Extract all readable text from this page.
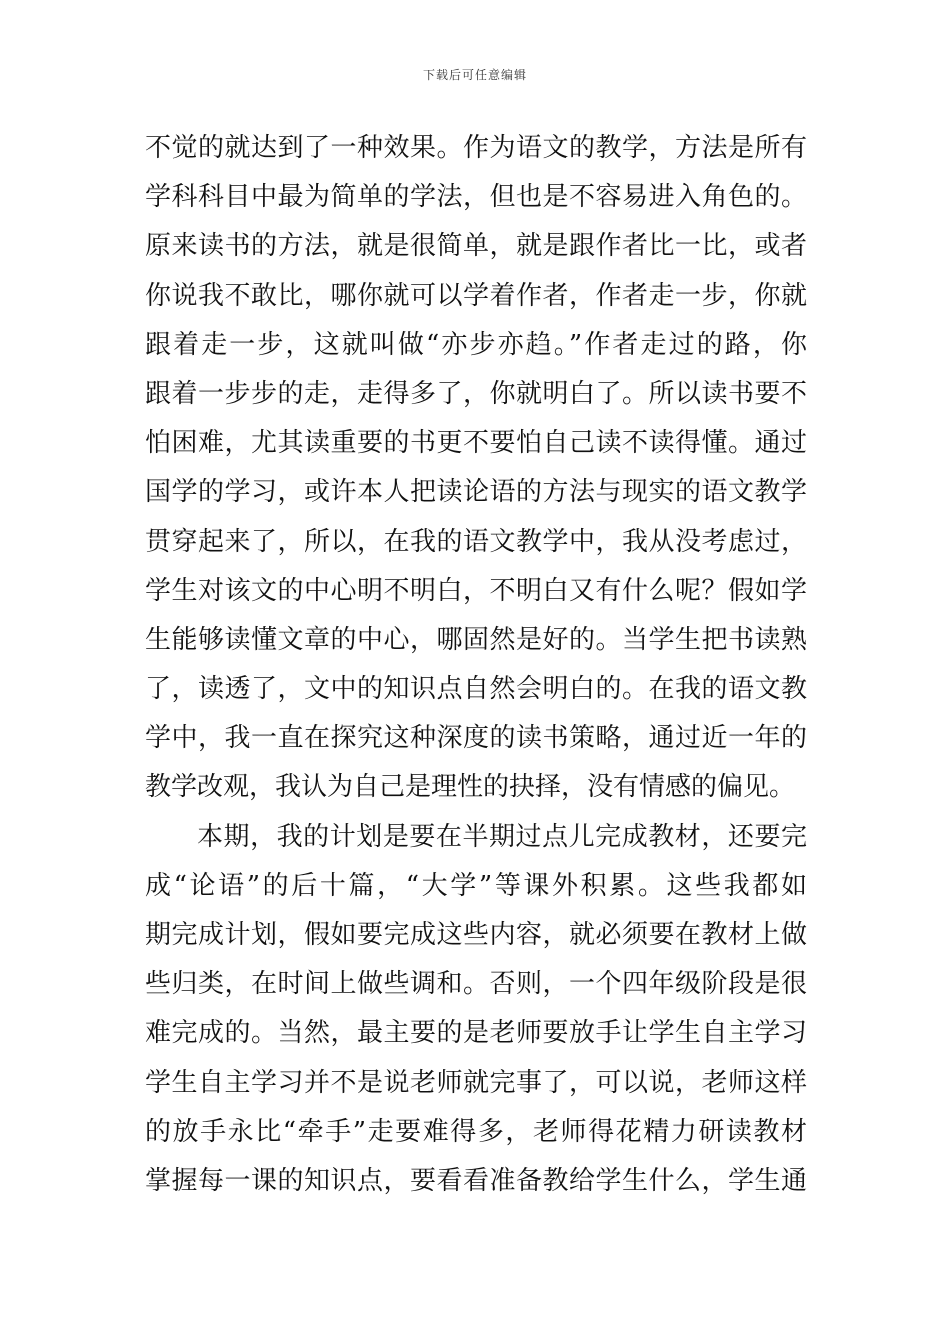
下载后可任意编辑
不觉的就达到了一种效果。作为语文的教学，方法是所有
学科科目中最为简单的学法，但也是不容易进入角色的。
原来读书的方法，就是很简单，就是跟作者比一比，或者
你说我不敢比，哪你就可以学着作者，作者走一步，你就
跟着走一步，这就叫做“亦步亦趋。”作者走过的路，你
跟着一步步的走，走得多了，你就明白了。所以读书要不
怕困难，尤其读重要的书更不要怕自己读不读得懂。通过
国学的学习，或许本人把读论语的方法与现实的语文教学
贯穿起来了，所以，在我的语文教学中，我从没考虑过，
学生对该文的中心明不明白，不明白又有什么呢？假如学
生能够读懂文章的中心，哪固然是好的。当学生把书读熟
了，读透了，文中的知识点自然会明白的。在我的语文教
学中，我一直在探究这种深度的读书策略，通过近一年的
教学改观，我认为自己是理性的抉择，没有情感的偏见。
本期，我的计划是要在半期过点儿完成教材，还要完
成“论语”的后十篇，“大学”等课外积累。这些我都如
期完成计划，假如要完成这些内容，就必须要在教材上做
些归类，在时间上做些调和。否则，一个四年级阶段是很
难完成的。当然，最主要的是老师要放手让学生自主学习
学生自主学习并不是说老师就完事了，可以说，老师这样
的放手永比“牵手”走要难得多，老师得花精力研读教材
掌握每一课的知识点，要看看准备教给学生什么，学生通
